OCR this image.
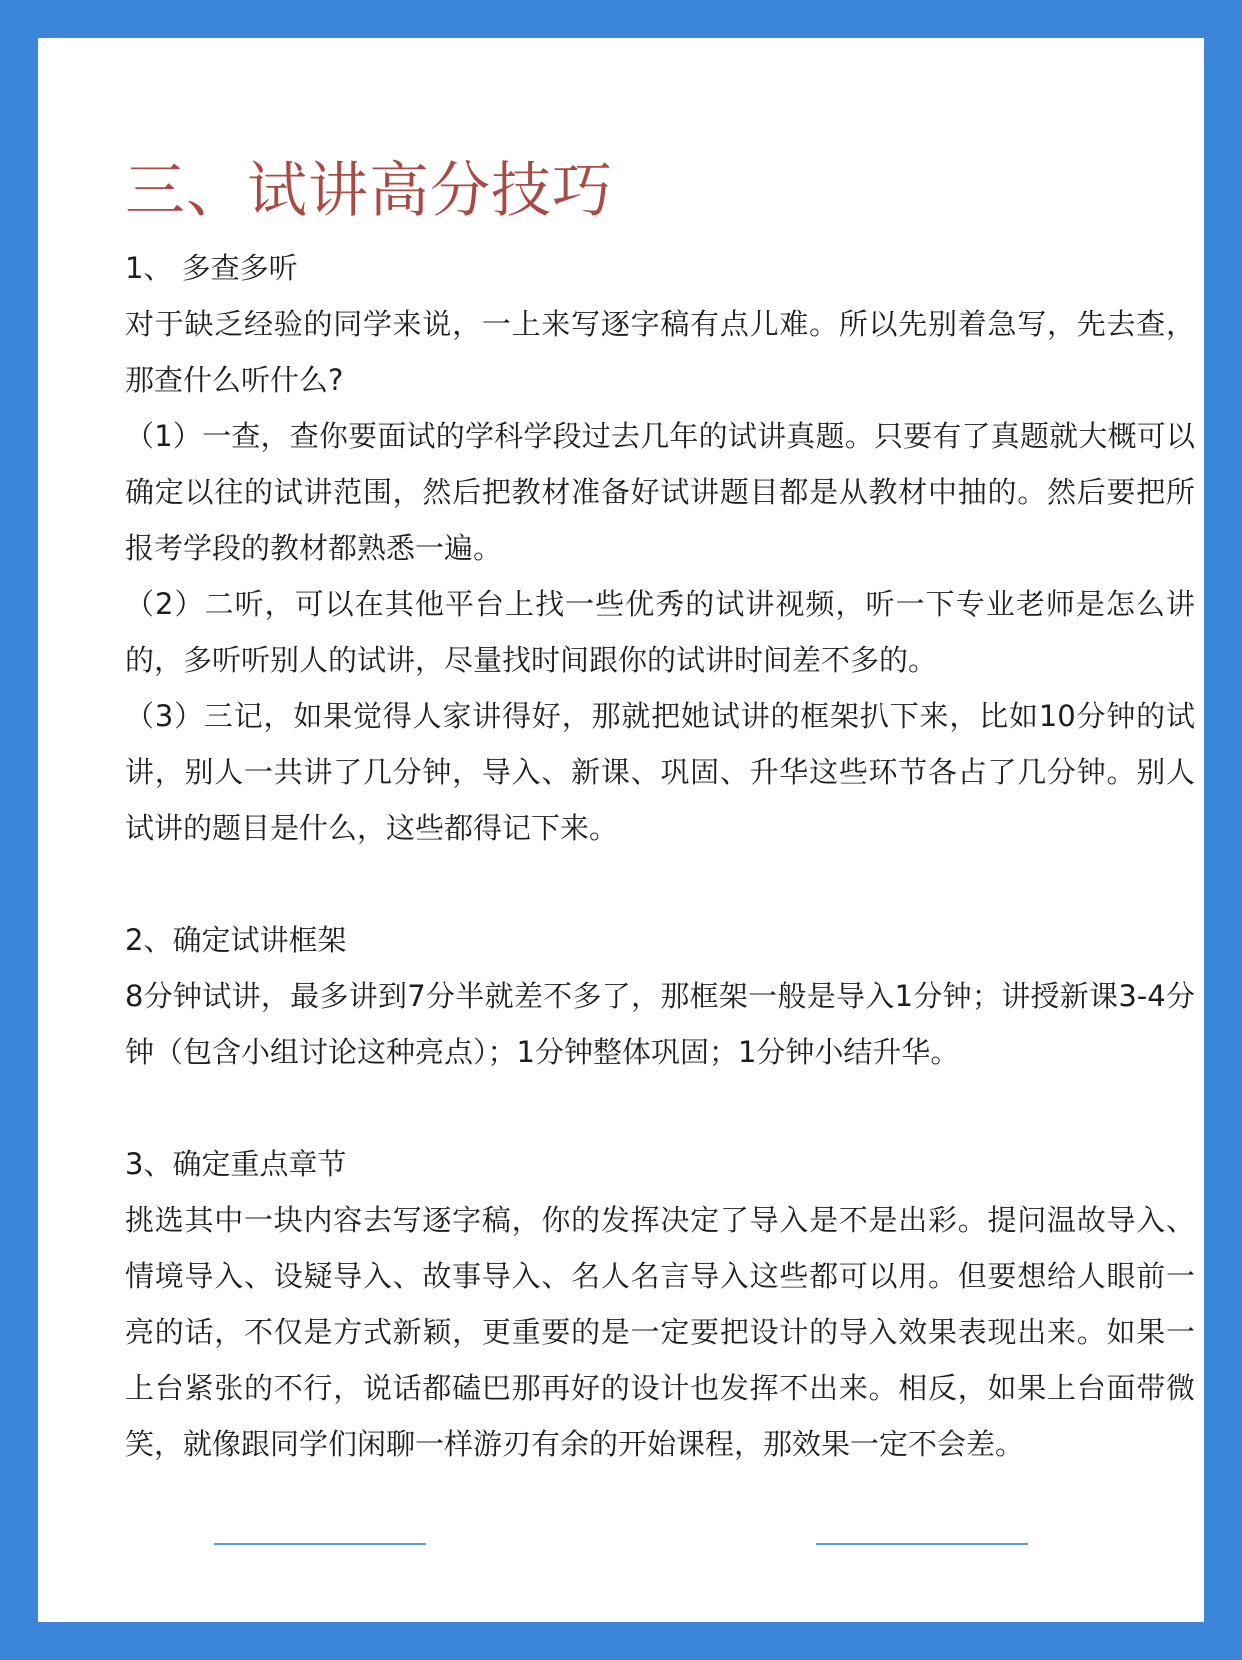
三、试讲高分技巧

1、 多查多听

对于缺乏经验的同学来说，一上来写逐字稿有点儿难。所以先别着急写，先去查，那查什么听什么?

（1）一查，查你要面试的学科学段过去几年的试讲真题。只要有了真题就大概可以确定以往的试讲范围，然后把教材准备好试讲题目都是从教材中抽的。然后要把所报考学段的教材都熟悉一遍。

（2）二听，可以在其他平台上找一些优秀的试讲视频，听一下专业老师是怎么讲的，多听听别人的试讲，尽量找时间跟你的试讲时间差不多的。

（3）三记，如果觉得人家讲得好，那就把她试讲的框架扒下来，比如10分钟的试讲，别人一共讲了几分钟，导入、新课、巩固、升华这些环节各占了几分钟。别人试讲的题目是什么，这些都得记下来。

2、确定试讲框架

8分钟试讲，最多讲到7分半就差不多了，那框架一般是导入1分钟；讲授新课3-4分钟（包含小组讨论这种亮点）；1分钟整体巩固；1分钟小结升华。

3、确定重点章节

挑选其中一块内容去写逐字稿，你的发挥决定了导入是不是出彩。提问温故导入、情境导入、设疑导入、故事导入、名人名言导入这些都可以用。但要想给人眼前一亮的话，不仅是方式新颖，更重要的是一定要把设计的导入效果表现出来。如果一上台紧张的不行，说话都磕巴那再好的设计也发挥不出来。相反，如果上台面带微笑，就像跟同学们闲聊一样游刃有余的开始课程，那效果一定不会差。
